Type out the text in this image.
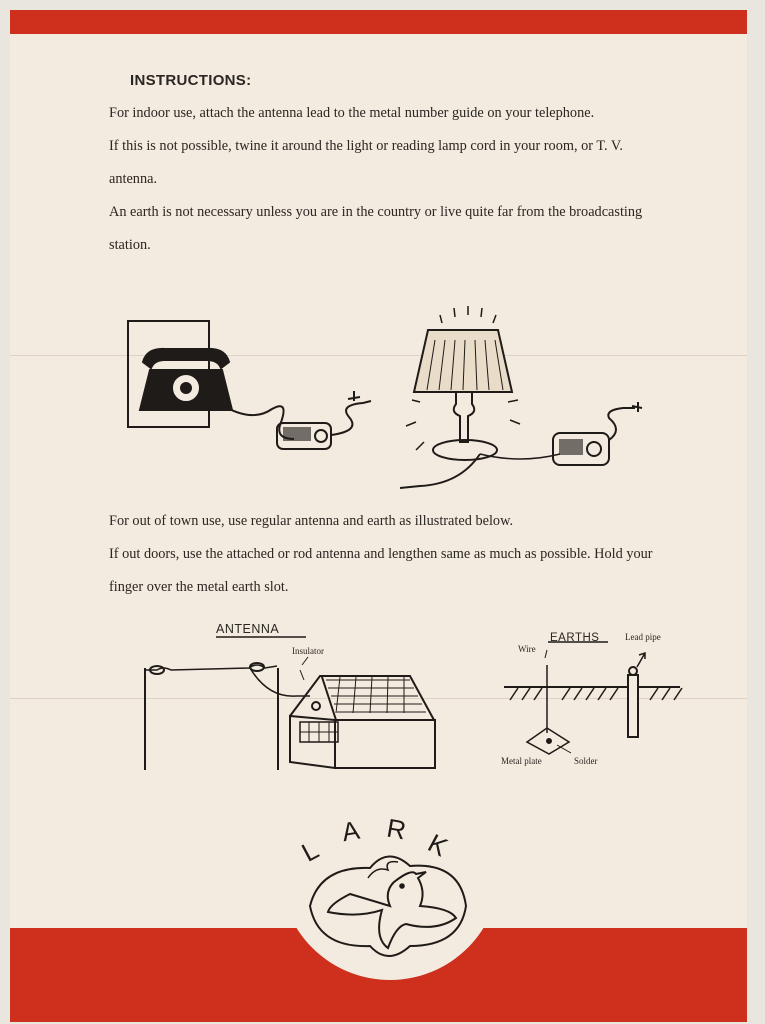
INSTRUCTIONS:
For indoor use, attach the antenna lead to the metal number guide on your telephone.
If this is not possible, twine it around the light or reading lamp cord in your room, or T. V. antenna.
An earth is not necessary unless you are in the country or live quite far from the broadcasting station.
For out of town use, use regular antenna and earth as illustrated below.
If out doors, use the attached or rod antenna and lengthen same as much as possible. Hold your finger over the metal earth slot.
ANTENNA
Insulator
EARTHS
Wire
Lead pipe
Metal plate	Solder
L
A R K
